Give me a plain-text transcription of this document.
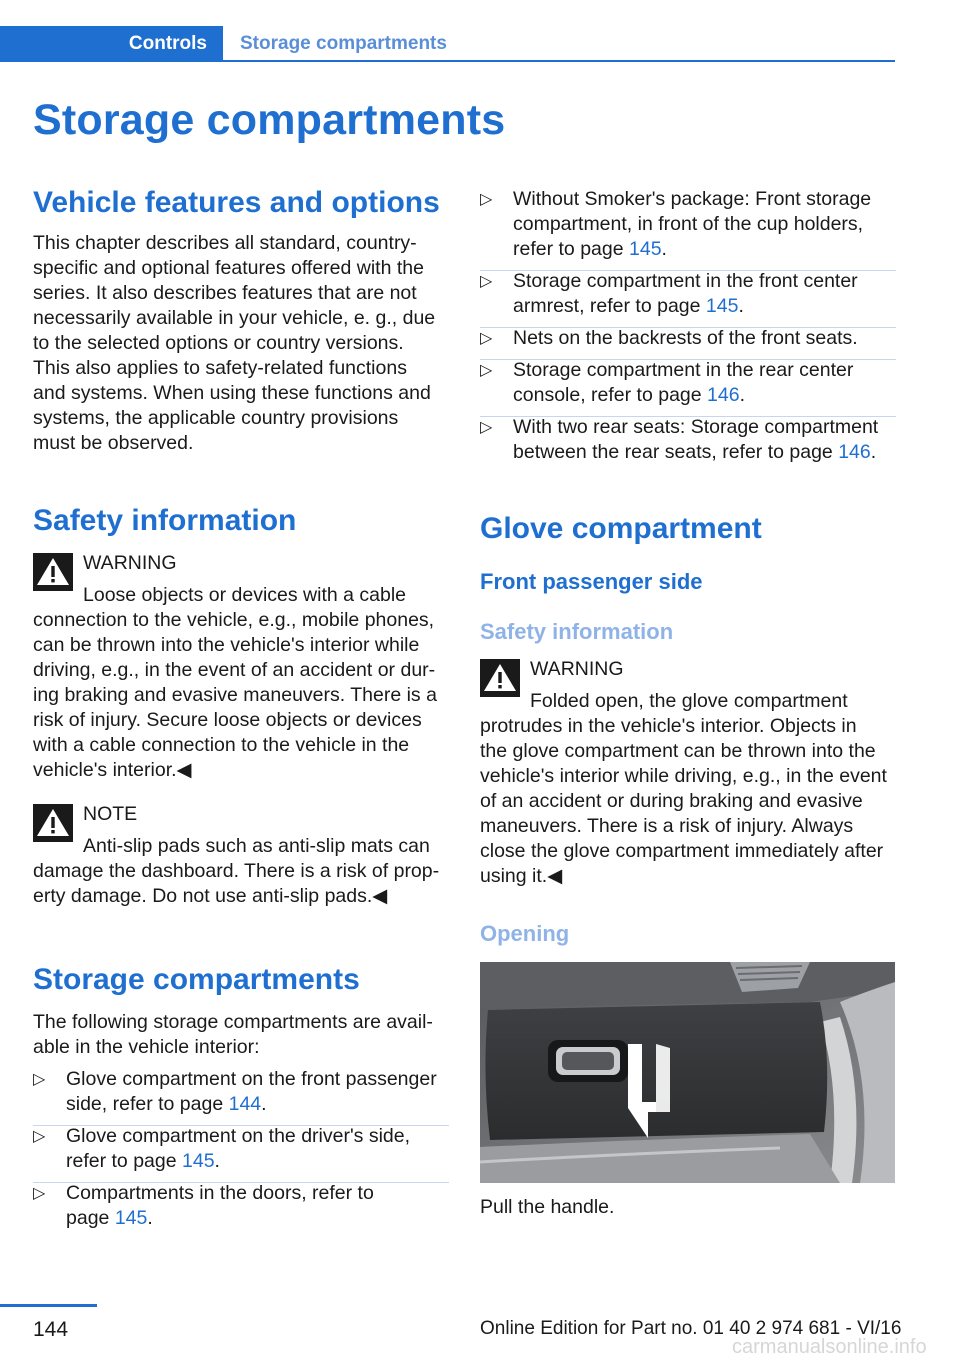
Controls	Storage compartments
Storage compartments
Vehicle features and options
This chapter describes all standard, country‐
specific and optional features offered with the
series. It also describes features that are not
necessarily available in your vehicle, e. g., due
to the selected options or country versions.
This also applies to safety-related functions
and systems. When using these functions and
systems, the applicable country provisions
must be observed.
Safety information
WARNING
Loose objects or devices with a cable
connection to the vehicle, e.g., mobile phones,
can be thrown into the vehicle's interior while
driving, e.g., in the event of an accident or dur‐
ing braking and evasive maneuvers. There is a
risk of injury. Secure loose objects or devices
with a cable connection to the vehicle in the
vehicle's interior.◀
NOTE
Anti-slip pads such as anti-slip mats can
damage the dashboard. There is a risk of prop‐
erty damage. Do not use anti-slip pads.◀
Storage compartments
The following storage compartments are avail‐
able in the vehicle interior:
▷ Glove compartment on the front passenger
side, refer to page 144.
▷ Glove compartment on the driver's side,
refer to page 145.
▷ Compartments in the doors, refer to
page 145.
▷ Without Smoker's package: Front storage
compartment, in front of the cup holders,
refer to page 145.
▷ Storage compartment in the front center
armrest, refer to page 145.
▷ Nets on the backrests of the front seats.
▷ Storage compartment in the rear center
console, refer to page 146.
▷ With two rear seats: Storage compartment
between the rear seats, refer to page 146.
Glove compartment
Front passenger side
Safety information
WARNING
Folded open, the glove compartment
protrudes in the vehicle's interior. Objects in
the glove compartment can be thrown into the
vehicle's interior while driving, e.g., in the event
of an accident or during braking and evasive
maneuvers. There is a risk of injury. Always
close the glove compartment immediately after
using it.◀
Opening
Pull the handle.
144	Online Edition for Part no. 01 40 2 974 681 - VI/16
carmanualsonline.info
